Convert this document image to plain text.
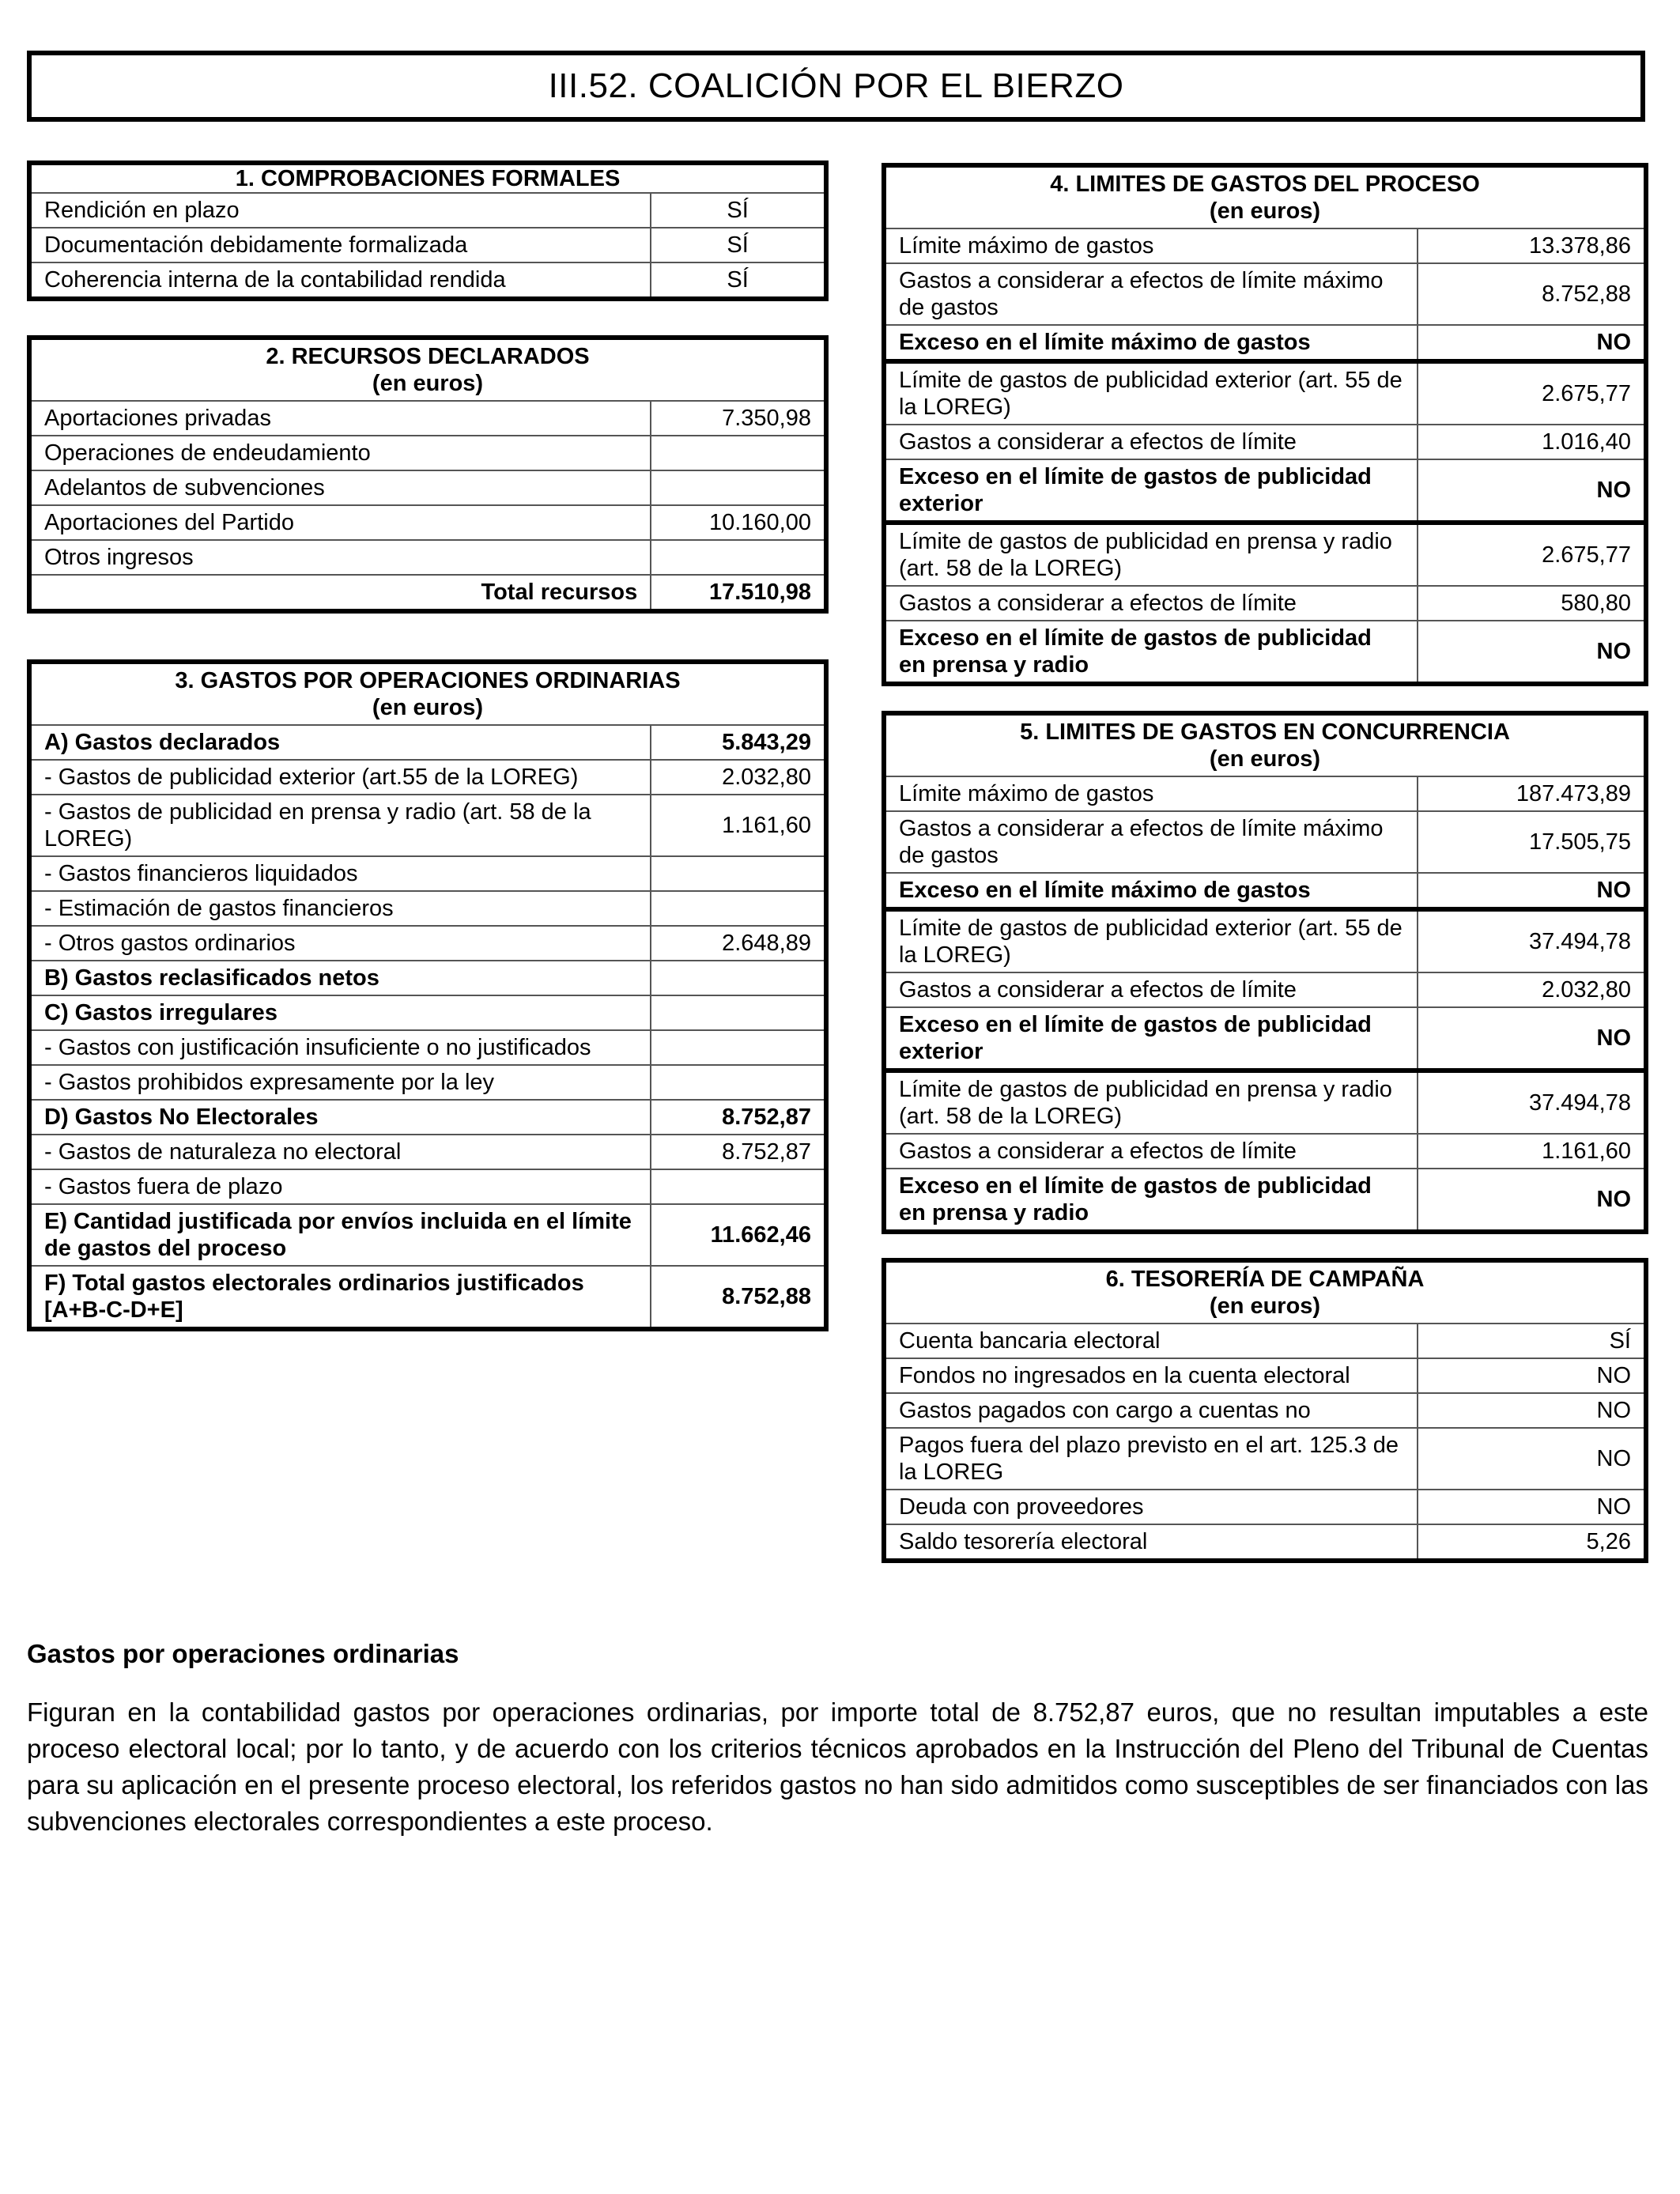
III.52. COALICIÓN POR EL BIERZO
1. COMPROBACIONES FORMALES	
Rendición en plazo	SÍ
Documentación debidamente formalizada	SÍ
Coherencia interna de la contabilidad rendida	SÍ
2. RECURSOS DECLARADOS
(en euros)	
Aportaciones privadas	7.350,98
Operaciones de endeudamiento	
Adelantos de subvenciones	
Aportaciones del Partido	10.160,00
Otros ingresos	
Total recursos	17.510,98
3. GASTOS POR OPERACIONES ORDINARIAS
(en euros)	
A) Gastos declarados	5.843,29
- Gastos de publicidad exterior (art.55 de la LOREG)	2.032,80
- Gastos de publicidad en prensa y radio (art. 58 de la LOREG)	1.161,60
- Gastos financieros liquidados	
- Estimación de gastos financieros	
- Otros gastos ordinarios	2.648,89
B) Gastos reclasificados netos	
C) Gastos irregulares	
- Gastos con justificación insuficiente o no justificados	
- Gastos prohibidos expresamente por la ley	
D) Gastos No Electorales	8.752,87
- Gastos de naturaleza no electoral	8.752,87
- Gastos fuera de plazo	
E) Cantidad justificada por envíos incluida en el límite de gastos del proceso	11.662,46
F) Total gastos electorales ordinarios justificados [A+B-C-D+E]	8.752,88
4. LIMITES DE GASTOS DEL PROCESO
(en euros)	
Límite máximo de gastos	13.378,86
Gastos a considerar a efectos de límite máximo de gastos	8.752,88
Exceso en el límite máximo de gastos	NO
Límite de gastos de publicidad exterior (art. 55 de la LOREG)	2.675,77
Gastos a considerar a efectos de límite	1.016,40
Exceso en el límite de gastos de publicidad exterior	NO
Límite de gastos de publicidad en prensa y radio (art. 58 de la LOREG)	2.675,77
Gastos a considerar a efectos de límite	580,80
Exceso en el límite de gastos de publicidad en prensa y radio	NO
5. LIMITES DE GASTOS EN CONCURRENCIA
(en euros)	
Límite máximo de gastos	187.473,89
Gastos a considerar a efectos de límite máximo de gastos	17.505,75
Exceso en el límite máximo de gastos	NO
Límite de gastos de publicidad exterior (art. 55 de la LOREG)	37.494,78
Gastos a considerar a efectos de límite	2.032,80
Exceso en el límite de gastos de publicidad exterior	NO
Límite de gastos de publicidad en prensa y radio (art. 58 de la LOREG)	37.494,78
Gastos a considerar a efectos de límite	1.161,60
Exceso en el límite de gastos de publicidad en prensa y radio	NO
6. TESORERÍA DE CAMPAÑA
(en euros)	
Cuenta bancaria electoral	SÍ
Fondos no ingresados en la cuenta electoral	NO
Gastos pagados con cargo a cuentas no	NO
Pagos fuera del plazo previsto en el art. 125.3 de la LOREG	NO
Deuda con proveedores	NO
Saldo tesorería electoral	5,26
Gastos por operaciones ordinarias
Figuran en la contabilidad gastos por operaciones ordinarias, por importe total de 8.752,87 euros, que no resultan imputables a este proceso electoral local; por lo tanto, y de acuerdo con los criterios técnicos aprobados en la Instrucción del Pleno del Tribunal de Cuentas para su aplicación en el presente proceso electoral, los referidos gastos no han sido admitidos como susceptibles de ser financiados con las subvenciones electorales correspondientes a este proceso.
